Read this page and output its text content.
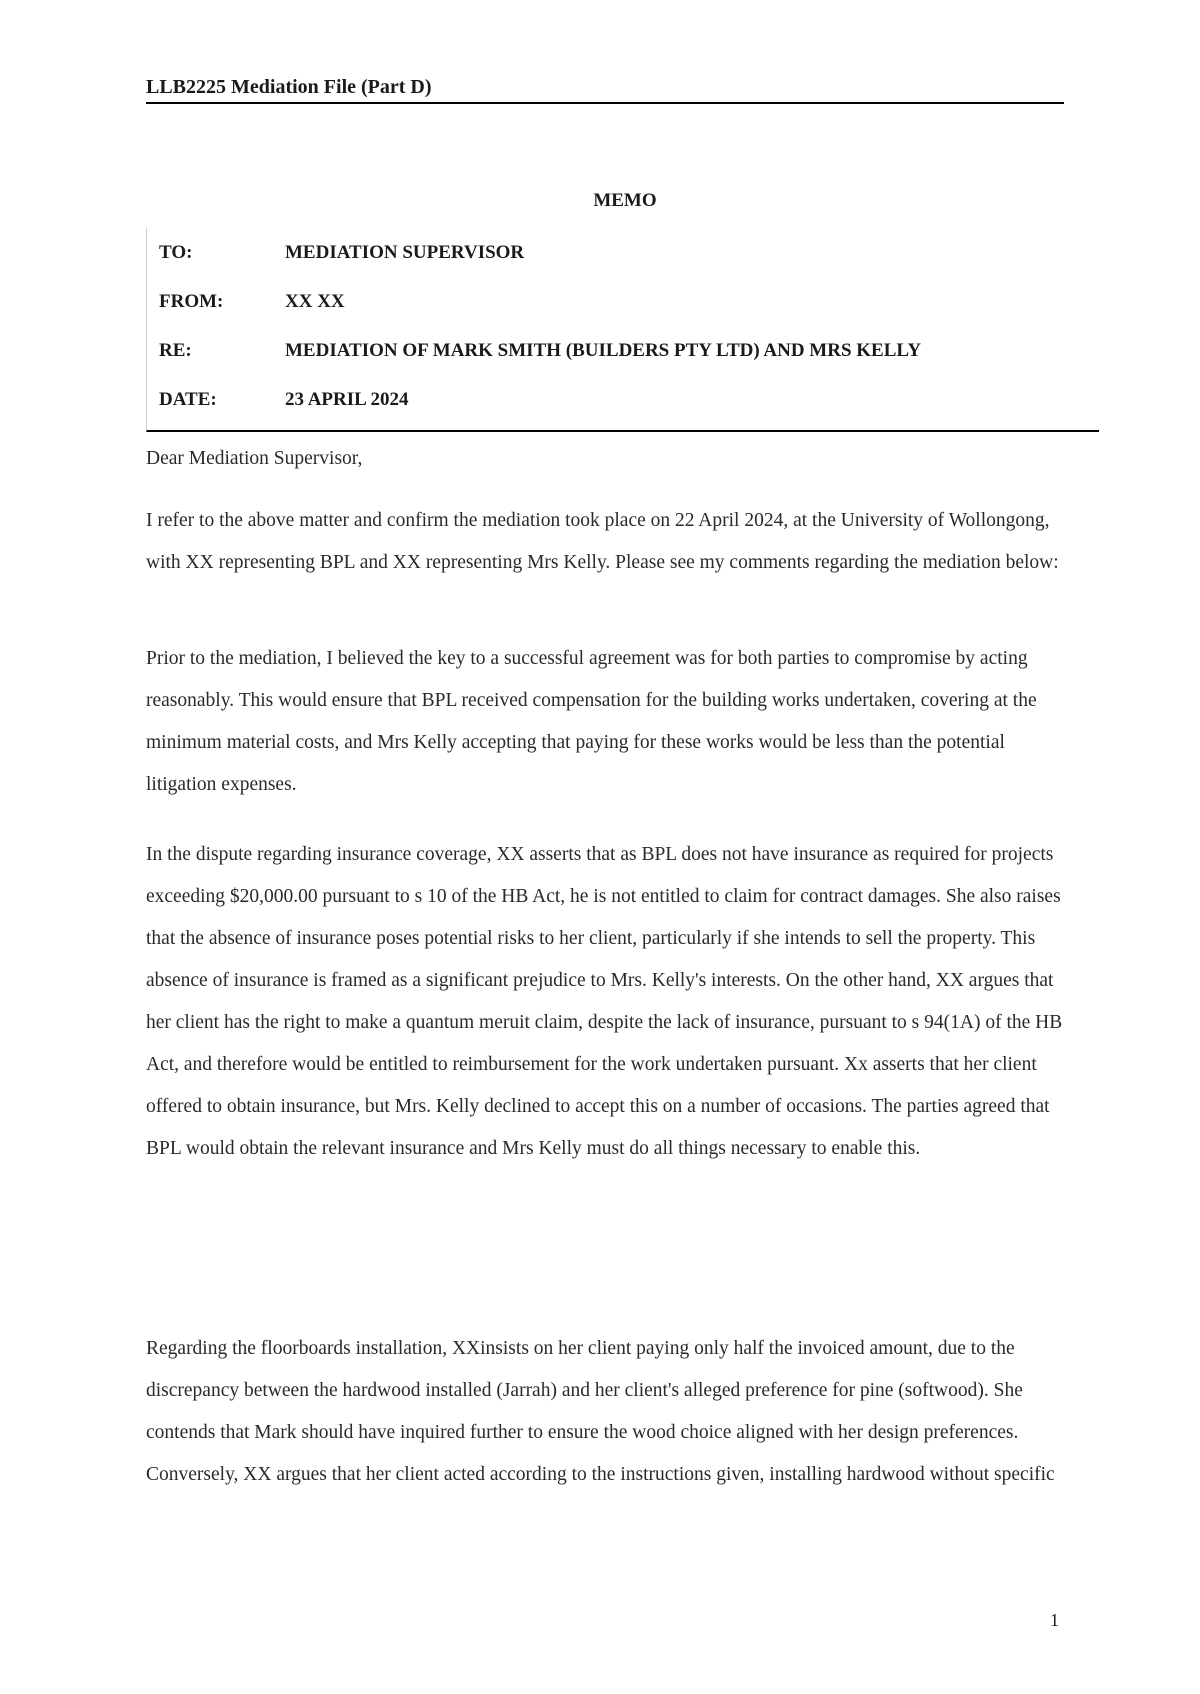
LLB2225 Mediation File (Part D)
MEMO
TO:	MEDIATION SUPERVISOR
FROM:	XX XX
RE:	MEDIATION OF MARK SMITH (BUILDERS PTY LTD) AND MRS KELLY
DATE:	23 APRIL 2024

Dear Mediation Supervisor,

I refer to the above matter and confirm the mediation took place on 22 April 2024, at the University of Wollongong, with XX representing BPL and XX representing Mrs Kelly. Please see my comments regarding the mediation below:

Prior to the mediation, I believed the key to a successful agreement was for both parties to compromise by acting reasonably. This would ensure that BPL received compensation for the building works undertaken, covering at the minimum material costs, and Mrs Kelly accepting that paying for these works would be less than the potential litigation expenses.

In the dispute regarding insurance coverage, XX asserts that as BPL does not have insurance as required for projects exceeding $20,000.00 pursuant to s 10 of the HB Act, he is not entitled to claim for contract damages. She also raises that the absence of insurance poses potential risks to her client, particularly if she intends to sell the property. This absence of insurance is framed as a significant prejudice to Mrs. Kelly's interests. On the other hand, XX argues that her client has the right to make a quantum meruit claim, despite the lack of insurance, pursuant to s 94(1A) of the HB Act, and therefore would be entitled to reimbursement for the work undertaken pursuant. Xx asserts that her client offered to obtain insurance, but Mrs. Kelly declined to accept this on a number of occasions. The parties agreed that BPL would obtain the relevant insurance and Mrs Kelly must do all things necessary to enable this.

Regarding the floorboards installation, XXinsists on her client paying only half the invoiced amount, due to the discrepancy between the hardwood installed (Jarrah) and her client's alleged preference for pine (softwood). She contends that Mark should have inquired further to ensure the wood choice aligned with her design preferences. Conversely, XX argues that her client acted according to the instructions given, installing hardwood without specific

1
